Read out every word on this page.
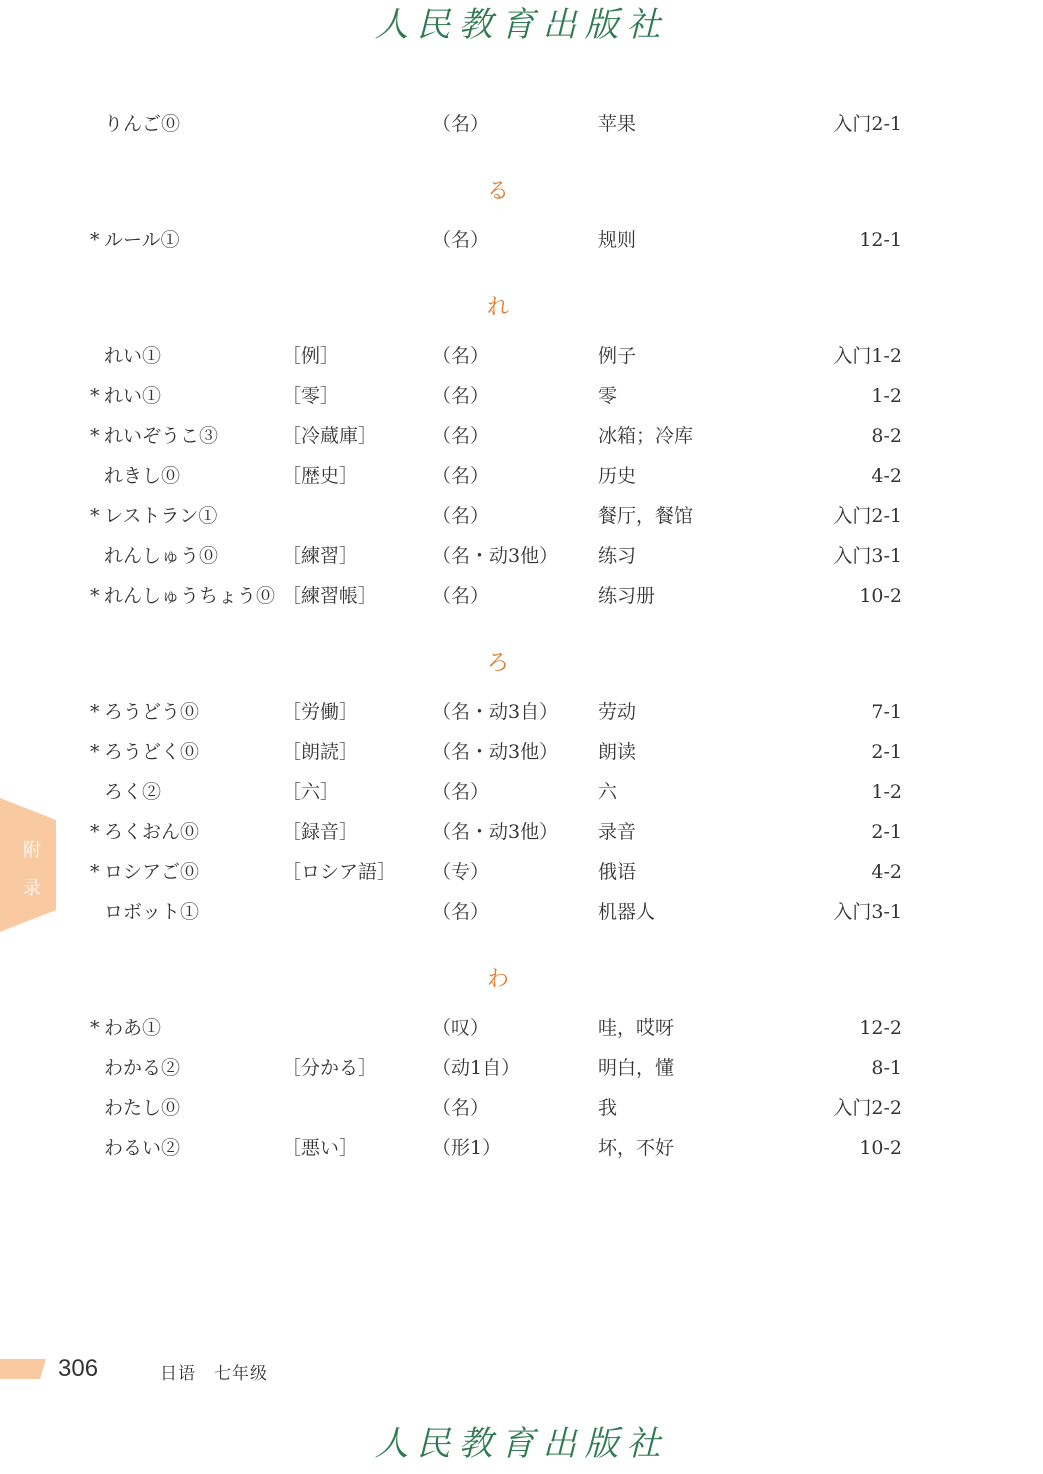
人民教育出版社
りんご⓪	（名）	苹果	入门2-1
る
* ルール①	（名）	规则	12-1
れ
れい①	［例］	（名）	例子	入门1-2
* れい①	［零］	（名）	零	1-2
* れいぞうこ③	［冷蔵庫］	（名）	冰箱；冷库	8-2
れきし⓪	［歴史］	（名）	历史	4-2
* レストラン①	（名）	餐厅，餐馆	入门2-1
れんしゅう⓪	［練習］	（名・动3他） 练习	入门3-1
* れんしゅうちょう⓪ ［練習帳］	（名）	练习册	10-2
ろ
* ろうどう⓪	［労働］	（名・动3自） 劳动	7-1
* ろうどく⓪	［朗読］	（名・动3他） 朗读	2-1
ろく②	［六］	（名）	六	1-2
* ろくおん⓪	［録音］	（名・动3他） 录音	2-1
* ロシアご⓪	［ロシア語］ （专）	俄语	4-2
ロボット①	（名）	机器人	入门3-1
わ
* わあ①	（叹）	哇，哎呀	12-2
わかる②	［分かる］	（动1自）	明白，懂	8-1
わたし⓪	（名）	我	入门2-2
わるい②	［悪い］	（形1）	坏，不好	10-2
附
录
306	日语　七年级
人民教育出版社
